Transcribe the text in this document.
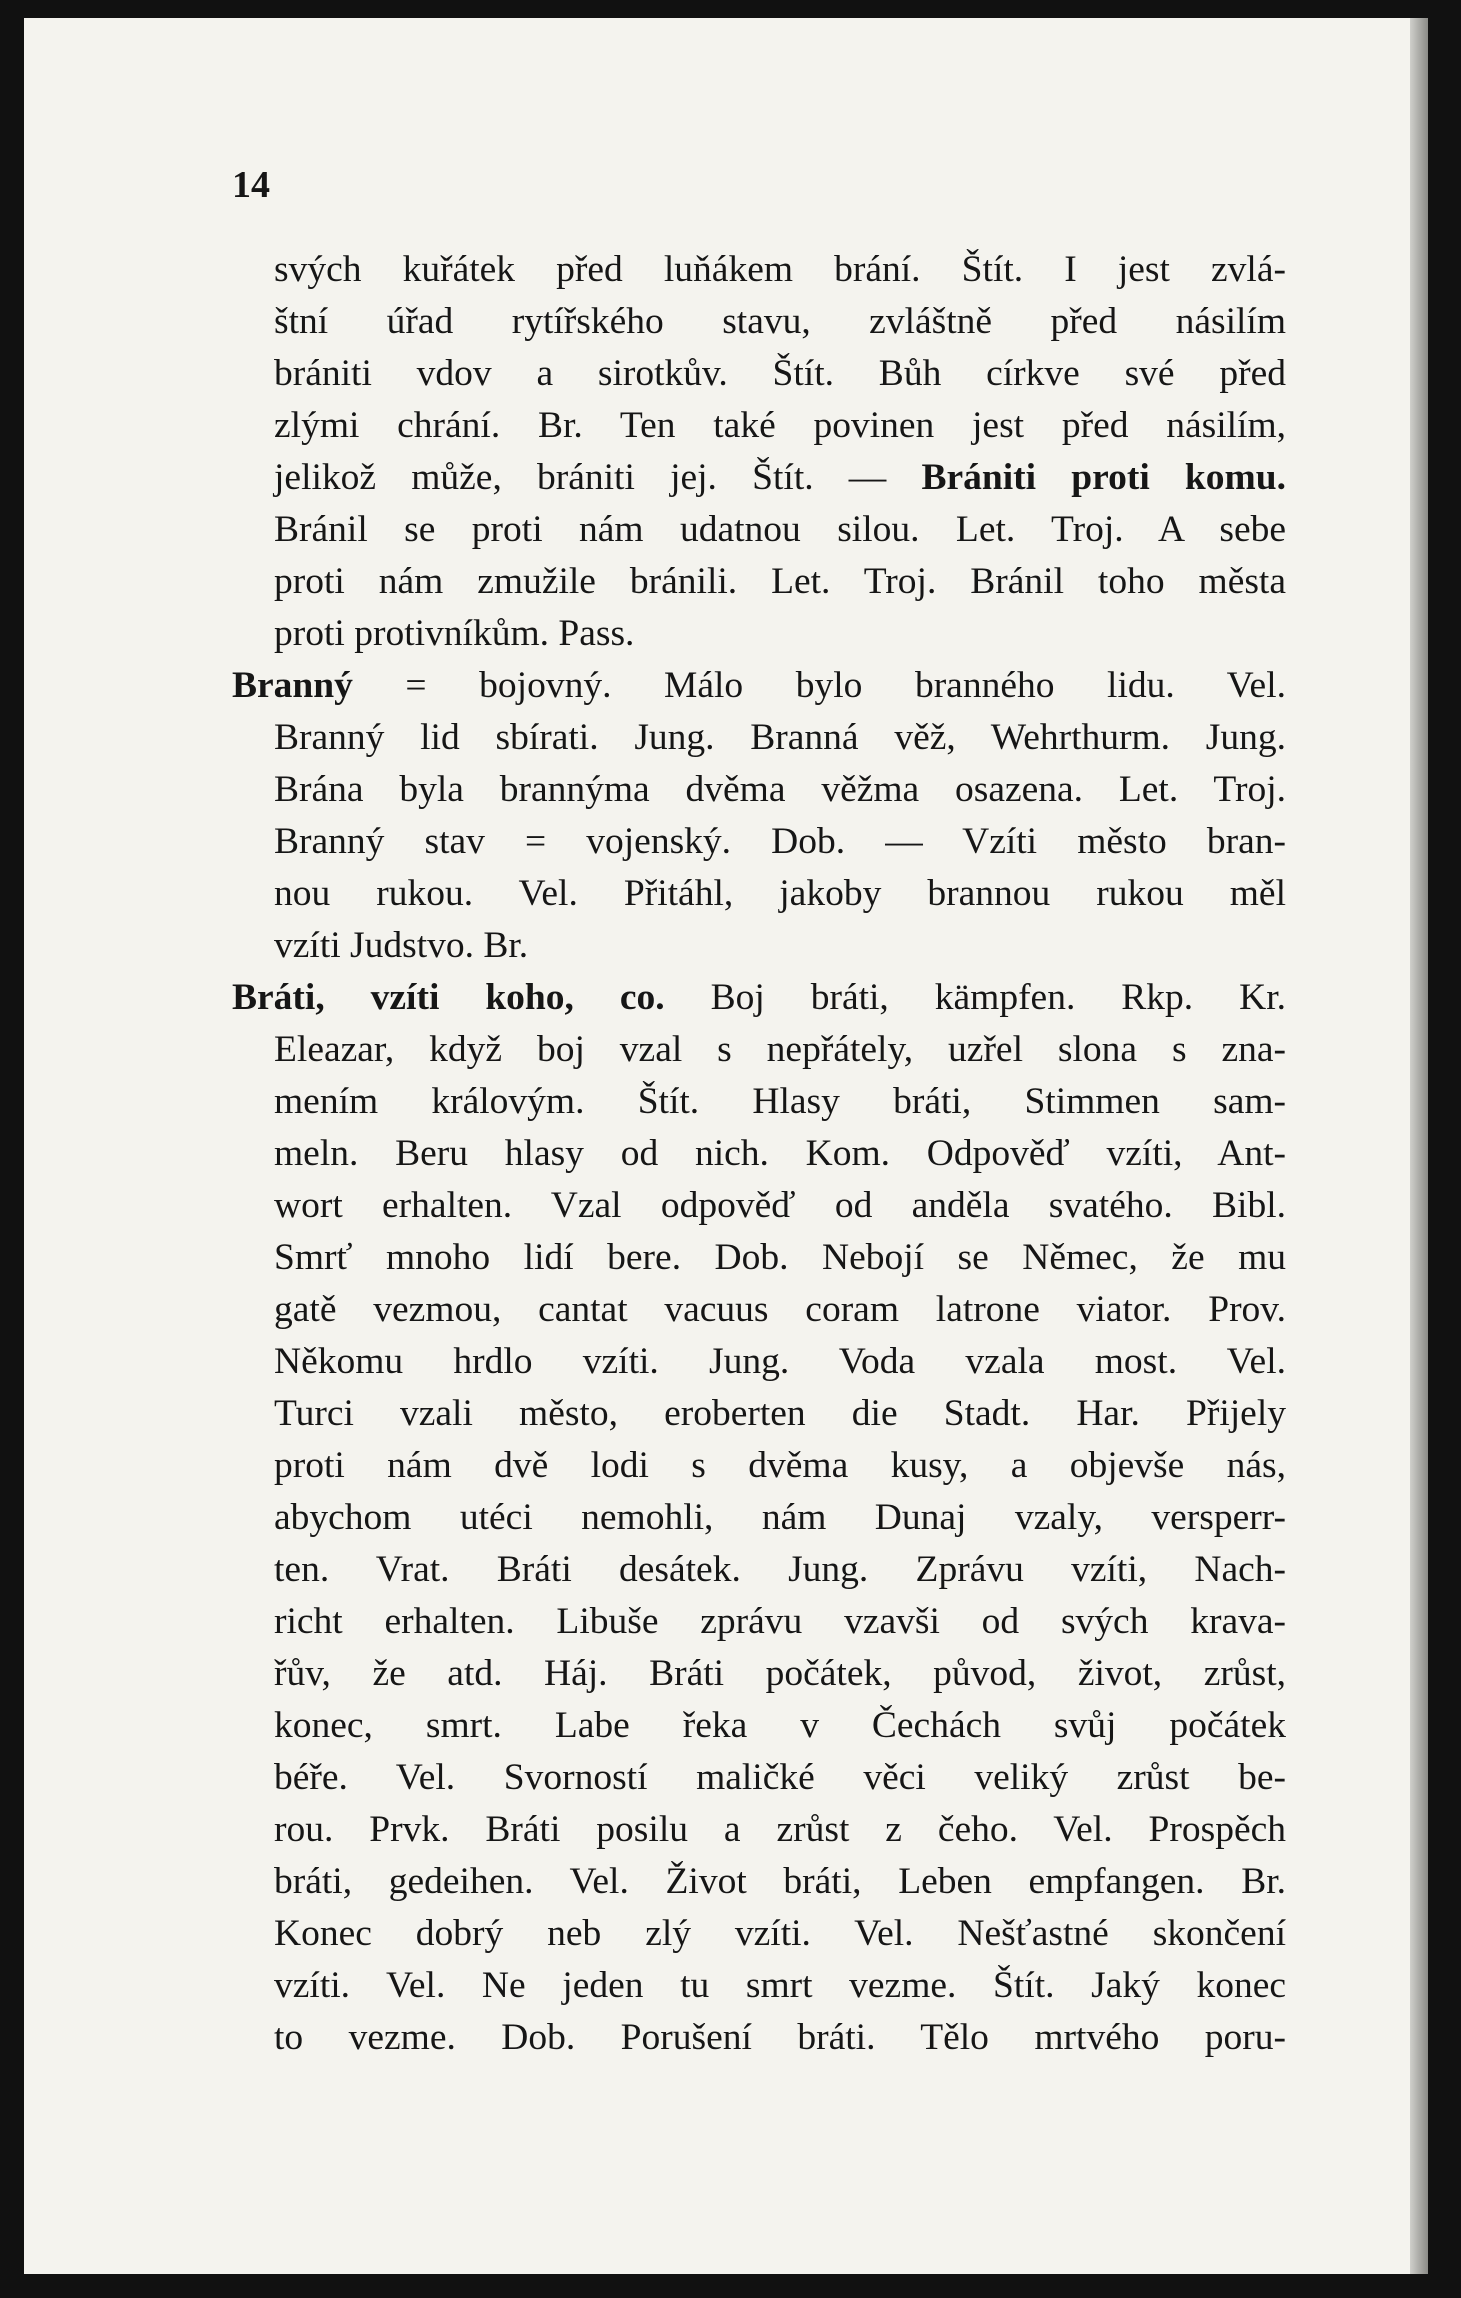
14
svých kuřátek před luňákem brání. Štít. I jest zvlá-
štní úřad rytířského stavu, zvláštně před násilím
brániti vdov a sirotkův. Štít. Bůh církve své před
zlými chrání. Br. Ten také povinen jest před násilím,
jelikož může, brániti jej. Štít. — Brániti proti komu.
Bránil se proti nám udatnou silou. Let. Troj. A sebe
proti nám zmužile bránili. Let. Troj. Bránil toho města
proti protivníkům. Pass.
Branný = bojovný. Málo bylo branného lidu. Vel.
Branný lid sbírati. Jung. Branná věž, Wehrthurm. Jung.
Brána byla brannýma dvěma věžma osazena. Let. Troj.
Branný stav = vojenský. Dob. — Vzíti město bran-
nou rukou. Vel. Přitáhl, jakoby brannou rukou měl
vzíti Judstvo. Br.
Bráti, vzíti koho, co. Boj bráti, kämpfen. Rkp. Kr.
Eleazar, když boj vzal s nepřátely, uzřel slona s zna-
mením královým. Štít. Hlasy bráti, Stimmen sam-
meln. Beru hlasy od nich. Kom. Odpověď vzíti, Ant-
wort erhalten. Vzal odpověď od anděla svatého. Bibl.
Smrť mnoho lidí bere. Dob. Nebojí se Němec, že mu
gatě vezmou, cantat vacuus coram latrone viator. Prov.
Někomu hrdlo vzíti. Jung. Voda vzala most. Vel.
Turci vzali město, eroberten die Stadt. Har. Přijely
proti nám dvě lodi s dvěma kusy, a objevše nás,
abychom utéci nemohli, nám Dunaj vzaly, versperr-
ten. Vrat. Bráti desátek. Jung. Zprávu vzíti, Nach-
richt erhalten. Libuše zprávu vzavši od svých krava-
řův, že atd. Háj. Bráti počátek, původ, život, zrůst,
konec, smrt. Labe řeka v Čechách svůj počátek
béře. Vel. Svorností maličké věci veliký zrůst be-
rou. Prvk. Bráti posilu a zrůst z čeho. Vel. Prospěch
bráti, gedeihen. Vel. Život bráti, Leben empfangen. Br.
Konec dobrý neb zlý vzíti. Vel. Nešťastné skončení
vzíti. Vel. Ne jeden tu smrt vezme. Štít. Jaký konec
to vezme. Dob. Porušení bráti. Tělo mrtvého poru-
